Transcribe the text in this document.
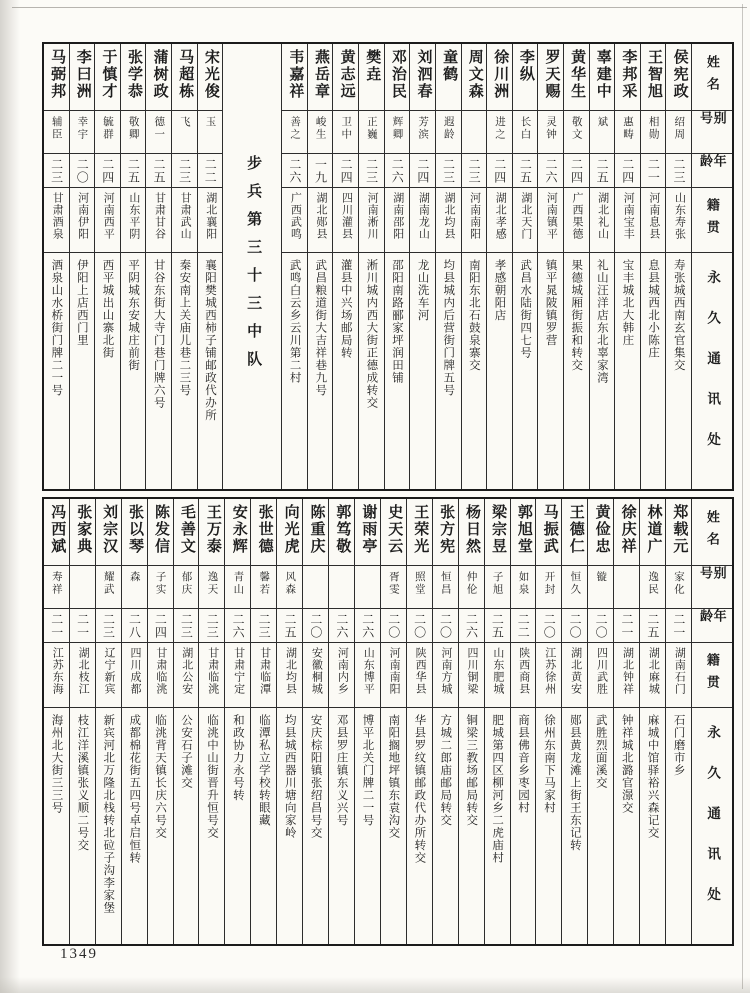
姓名
别号
年龄
籍贯
永久通讯处
侯宪政
绍周
二三
山东寿张
寿张城西南玄官集交
王智旭
相勋
二一
河南息县
息县城西北小陈庄
李邦采
惠畴
二四
河南宝丰
宝丰城北大韩庄
辜建中
斌
二五
湖北礼山
礼山汪洋店东北辜家湾
黄华生
敬文
二四
广西果德
果德城厢街振和转交
罗天赐
灵钟
二六
河南镇平
镇平晁陂镇罗营
李纵
长白
二五
湖北天门
武昌水陆街四七号
徐川洲
进之
二四
湖北孝感
孝感朝阳店
周文森
二三
河南南阳
南阳东北石鼓泉寨交
童鹤
遐龄
二三
湖北均县
均县城内后营街门牌五号
刘泗春
芳滨
二四
湖南龙山
龙山洗车河
邓治民
辉卿
二六
湖南邵阳
邵阳南路郦家坪润田铺
樊垚
正巍
二三
河南淅川
淅川城内西大街正德成转交
黄志远
卫中
二四
四川灌县
灌县中兴场邮局转
燕岳章
峻生
一九
湖北郧县
武昌粮道街大吉祥巷九号
韦嘉祥
善之
二六
广西武鸣
武鸣白云乡云川第二村
步兵第三十三中队
宋光俊
玉
二二
湖北襄阳
襄阳樊城西柿子铺邮政代办所
马超栋
飞
二三
甘肃武山
秦安南上关庙儿巷二三号
蒲树政
德一
二五
甘肃甘谷
甘谷东街大寺门巷门牌六号
张学恭
敬卿
二五
山东平阴
平阴城东安城庄前街
于慎才
毓群
二四
河南西平
西平城出山寨北街
李曰洲
幸宇
二〇
河南伊阳
伊阳上店西门里
马弼邦
辅臣
二三
甘肃酒泉
酒泉山水桥街门牌二一号
姓名
别号
年龄
籍贯
永久通讯处
郑载元
家化
二一
湖南石门
石门磨市乡
林道广
逸民
二五
湖北麻城
麻城中馆驿裕兴森记交
徐庆祥
二一
湖北钟祥
钟祥城北潞官澋交
黄俭忠
镟
二〇
四川武胜
武胜烈面溪交
王德仁
恒久
二〇
湖北黄安
郧县黄龙滩上街王东记转
马振武
开封
二〇
江苏徐州
徐州东南下马家村
郭旭堂
如泉
二二
陕西商县
商县佛音乡枣园村
梁宗昱
子旭
二五
山东肥城
肥城第四区柳河乡二虎庙村
杨日然
仲伦
二六
四川铜梁
铜梁三教场邮局转交
张方宪
恒昌
二〇
河南方城
方城二郎庙邮局转交
王荣光
照堂
二〇
陕西华县
华县罗纹镇邮政代办所转交
史天云
胥雯
二〇
河南南阳
南阳搁地坪镇东袁沟交
谢雨亭
二六
山东博平
博平北关门牌二一号
郭笃敬
二六
河南内乡
邓县罗庄镇东义兴号
陈重庆
二〇
安徽桐城
安庆棕阳镇张绍昌号交
向光虎
风森
二五
湖北均县
均县城西器川塘向家岭
张世德
馨若
二三
甘肃临潭
临潭私立学校转眼藏
安永辉
青山
二六
甘肃宁定
和政协力永号转
王万泰
逸天
二三
甘肃临洮
临洮中山街晋升恒号交
毛善文
郁庆
二三
湖北公安
公安石子滩交
陈发信
子实
二四
甘肃临洮
临洮背天镇长庆六号交
张以琴
森
二八
四川成都
成都棉花街五四号卓启恒转
刘宗汉
耀武
二三
辽宁新宾
新宾河北万隆北栈转北砬子沟李家堡
张家典
二一
湖北枝江
枝江洋溪镇张义顺二号交
冯西斌
寿祥
二一
江苏东海
海州北大街三三号
1349
